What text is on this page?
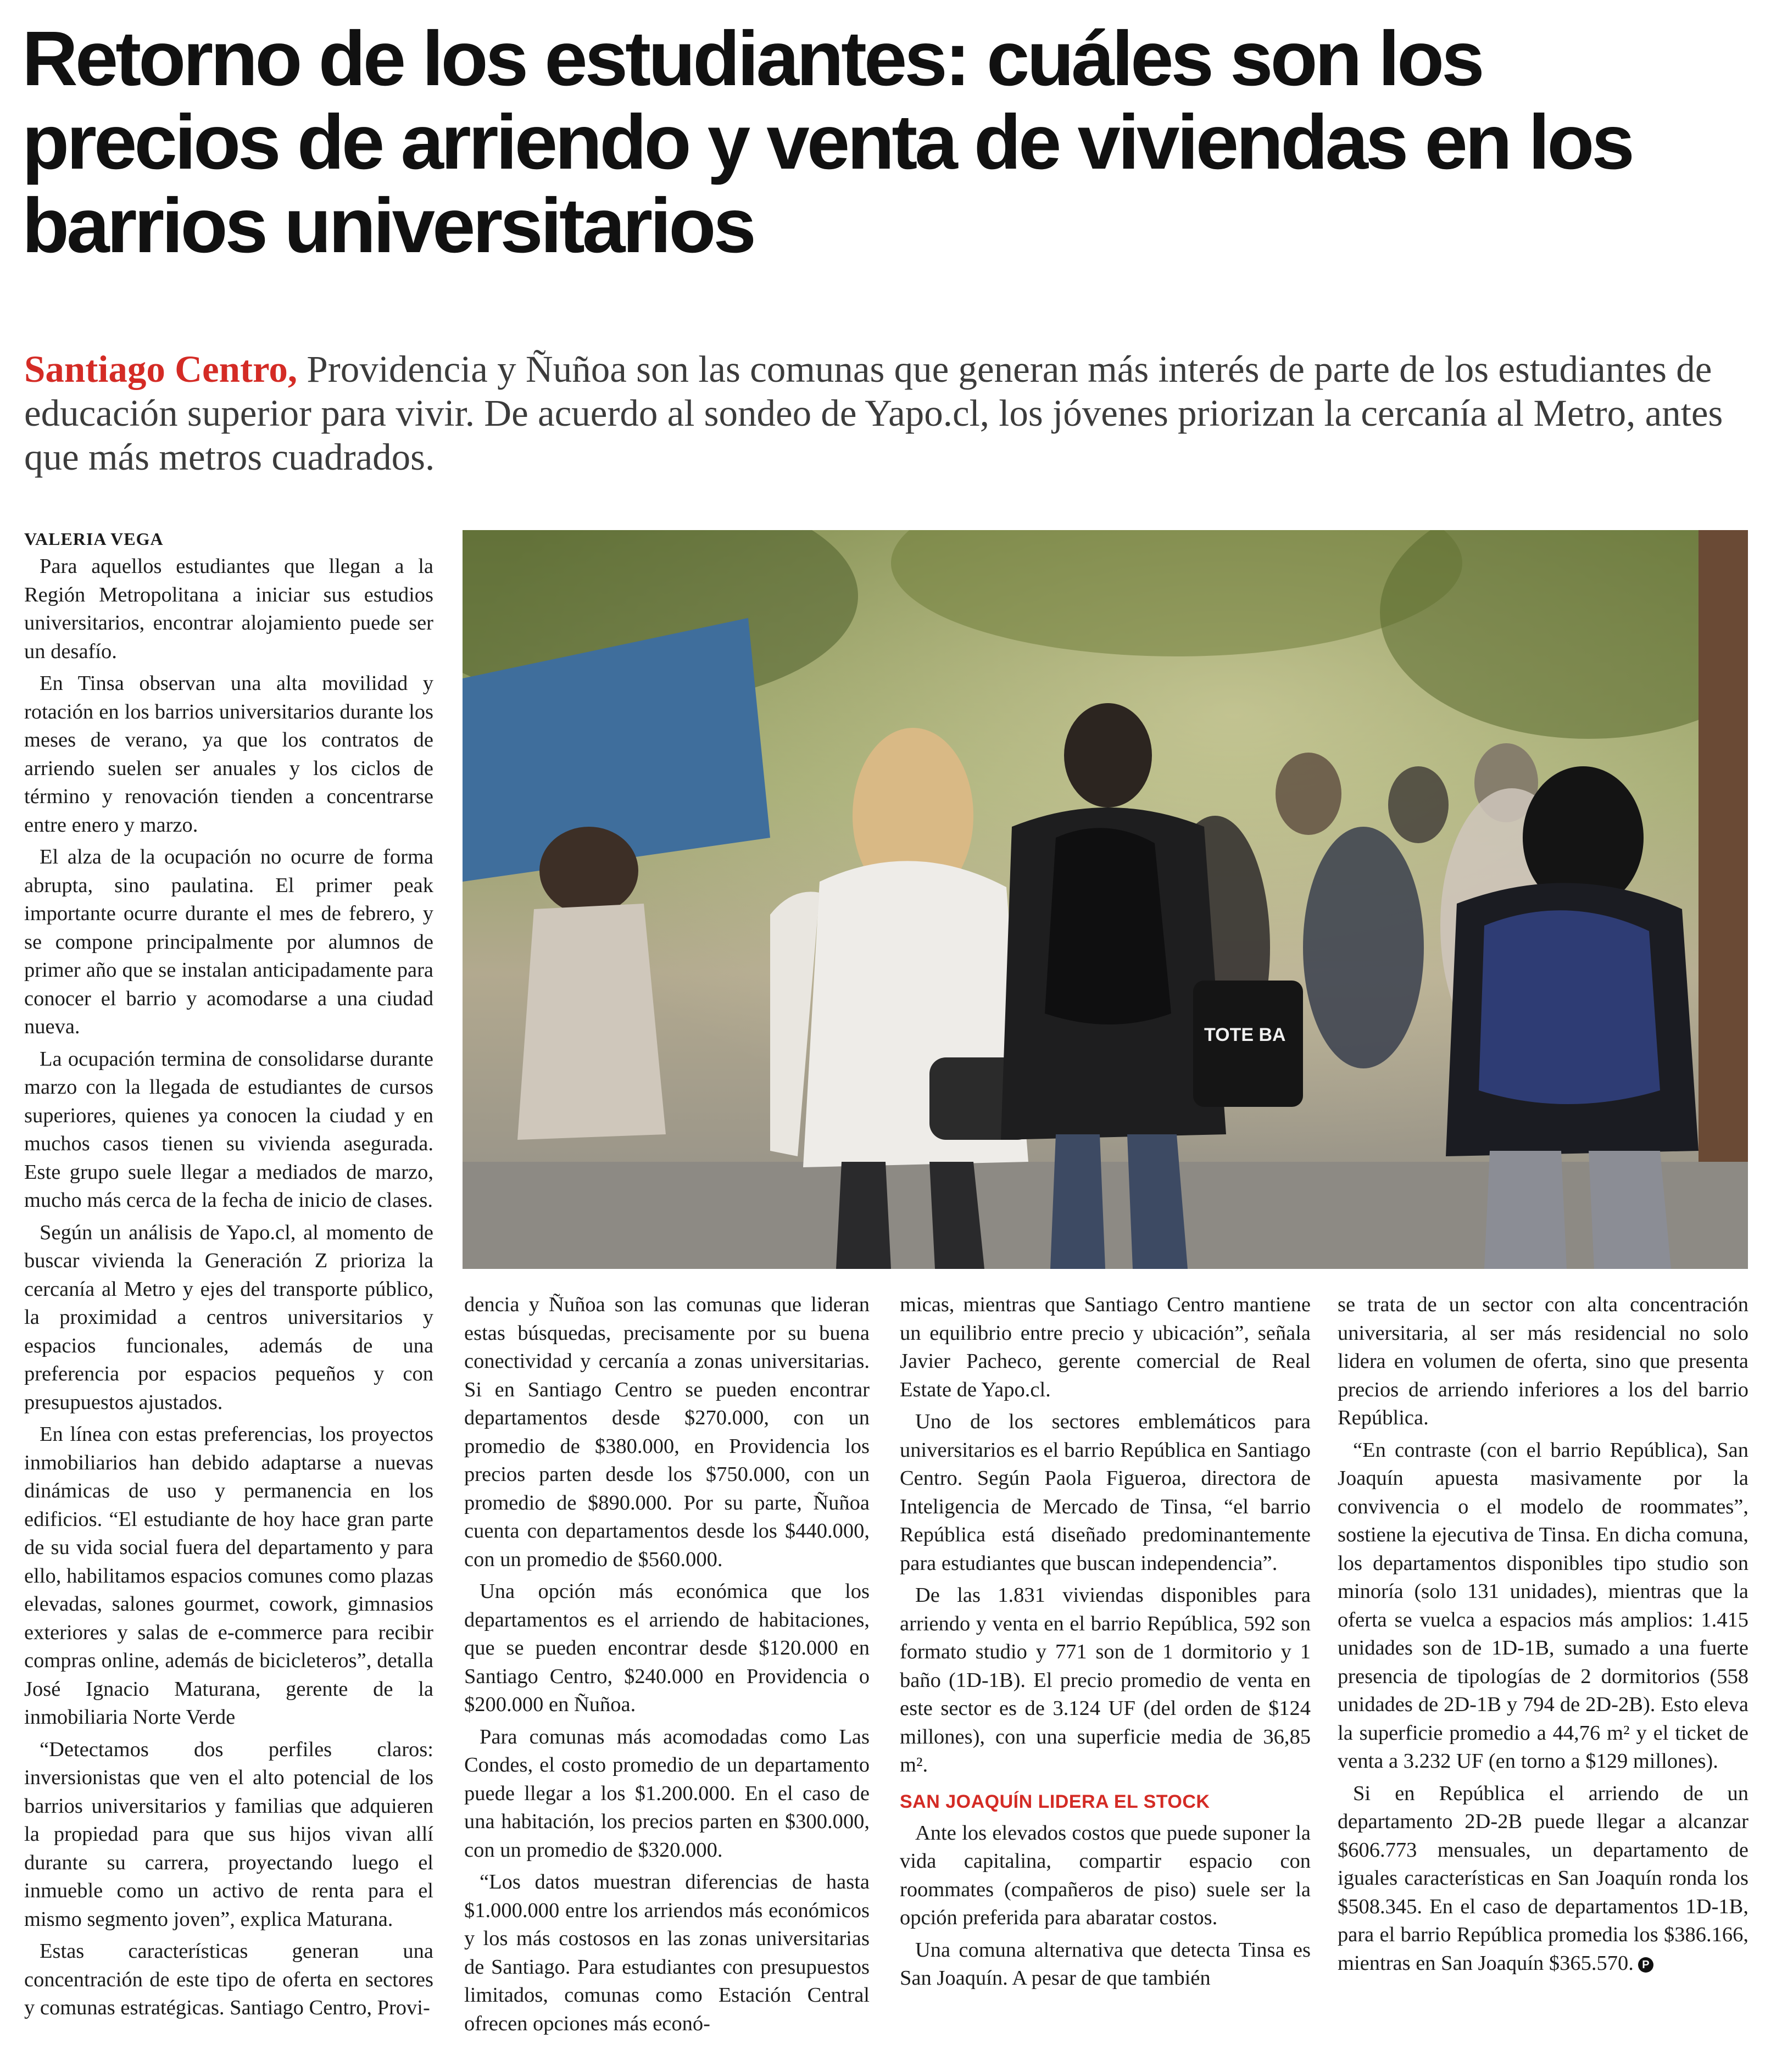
Retorno de los estudiantes: cuáles son los precios de arriendo y venta de viviendas en los barrios universitarios

Santiago Centro, Providencia y Ñuñoa son las comunas que generan más interés de parte de los estudiantes de educación superior para vivir. De acuerdo al sondeo de Yapo.cl, los jóvenes priorizan la cercanía al Metro, antes que más metros cuadrados.

TOTE BA
VALERIA VEGA

Para aquellos estudiantes que llegan a la Región Metropolitana a iniciar sus estudios universitarios, encontrar alojamiento puede ser un desafío.

En Tinsa observan una alta movilidad y rotación en los barrios universitarios durante los meses de verano, ya que los contratos de arriendo suelen ser anuales y los ciclos de término y renovación tienden a concentrarse entre enero y marzo.

El alza de la ocupación no ocurre de forma abrupta, sino paulatina. El primer peak importante ocurre durante el mes de febrero, y se compone principalmente por alumnos de primer año que se instalan anticipadamente para conocer el barrio y acomodarse a una ciudad nueva.

La ocupación termina de consolidarse durante marzo con la llegada de estudiantes de cursos superiores, quienes ya conocen la ciudad y en muchos casos tienen su vivienda asegurada. Este grupo suele llegar a mediados de marzo, mucho más cerca de la fecha de inicio de clases.

Según un análisis de Yapo.cl, al momento de buscar vivienda la Generación Z prioriza la cercanía al Metro y ejes del transporte público, la proximidad a centros universitarios y espacios funcionales, además de una preferencia por espacios pequeños y con presupuestos ajustados.

En línea con estas preferencias, los proyectos inmobiliarios han debido adaptarse a nuevas dinámicas de uso y permanencia en los edificios. “El estudiante de hoy hace gran parte de su vida social fuera del departamento y para ello, habilitamos espacios comunes como plazas elevadas, salones gourmet, cowork, gimnasios exteriores y salas de e-commerce para recibir compras online, además de bicicleteros”, detalla José Ignacio Maturana, gerente de la inmobiliaria Norte Verde

“Detectamos dos perfiles claros: inversionistas que ven el alto potencial de los barrios universitarios y familias que adquieren la propiedad para que sus hijos vivan allí durante su carrera, proyectando luego el inmueble como un activo de renta para el mismo segmento joven”, explica Maturana.

Estas características generan una concentración de este tipo de oferta en sectores y comunas estratégicas. Santiago Centro, Provi-

dencia y Ñuñoa son las comunas que lideran estas búsquedas, precisamente por su buena conectividad y cercanía a zonas universitarias. Si en Santiago Centro se pueden encontrar departamentos desde $270.000, con un promedio de $380.000, en Providencia los precios parten desde los $750.000, con un promedio de $890.000. Por su parte, Ñuñoa cuenta con departamentos desde los $440.000, con un promedio de $560.000.

Una opción más económica que los departamentos es el arriendo de habitaciones, que se pueden encontrar desde $120.000 en Santiago Centro, $240.000 en Providencia o $200.000 en Ñuñoa.

Para comunas más acomodadas como Las Condes, el costo promedio de un departamento puede llegar a los $1.200.000. En el caso de una habitación, los precios parten en $300.000, con un promedio de $320.000.

“Los datos muestran diferencias de hasta $1.000.000 entre los arriendos más económicos y los más costosos en las zonas universitarias de Santiago. Para estudiantes con presupuestos limitados, comunas como Estación Central ofrecen opciones más econó-

micas, mientras que Santiago Centro mantiene un equilibrio entre precio y ubicación”, señala Javier Pacheco, gerente comercial de Real Estate de Yapo.cl.

Uno de los sectores emblemáticos para universitarios es el barrio República en Santiago Centro. Según Paola Figueroa, directora de Inteligencia de Mercado de Tinsa, “el barrio República está diseñado predominantemente para estudiantes que buscan independencia”.

De las 1.831 viviendas disponibles para arriendo y venta en el barrio República, 592 son formato studio y 771 son de 1 dormitorio y 1 baño (1D-1B). El precio promedio de venta en este sector es de 3.124 UF (del orden de $124 millones), con una superficie media de 36,85 m².

SAN JOAQUÍN LIDERA EL STOCK

Ante los elevados costos que puede suponer la vida capitalina, compartir espacio con roommates (compañeros de piso) suele ser la opción preferida para abaratar costos.

Una comuna alternativa que detecta Tinsa es San Joaquín. A pesar de que también

se trata de un sector con alta concentración universitaria, al ser más residencial no solo lidera en volumen de oferta, sino que presenta precios de arriendo inferiores a los del barrio República.

“En contraste (con el barrio República), San Joaquín apuesta masivamente por la convivencia o el modelo de roommates”, sostiene la ejecutiva de Tinsa. En dicha comuna, los departamentos disponibles tipo studio son minoría (solo 131 unidades), mientras que la oferta se vuelca a espacios más amplios: 1.415 unidades son de 1D-1B, sumado a una fuerte presencia de tipologías de 2 dormitorios (558 unidades de 2D-1B y 794 de 2D-2B). Esto eleva la superficie promedio a 44,76 m² y el ticket de venta a 3.232 UF (en torno a $129 millones).

Si en República el arriendo de un departamento 2D-2B puede llegar a alcanzar $606.773 mensuales, un departamento de iguales características en San Joaquín ronda los $508.345. En el caso de departamentos 1D-1B, para el barrio República promedia los $386.166, mientras en San Joaquín $365.570. P
